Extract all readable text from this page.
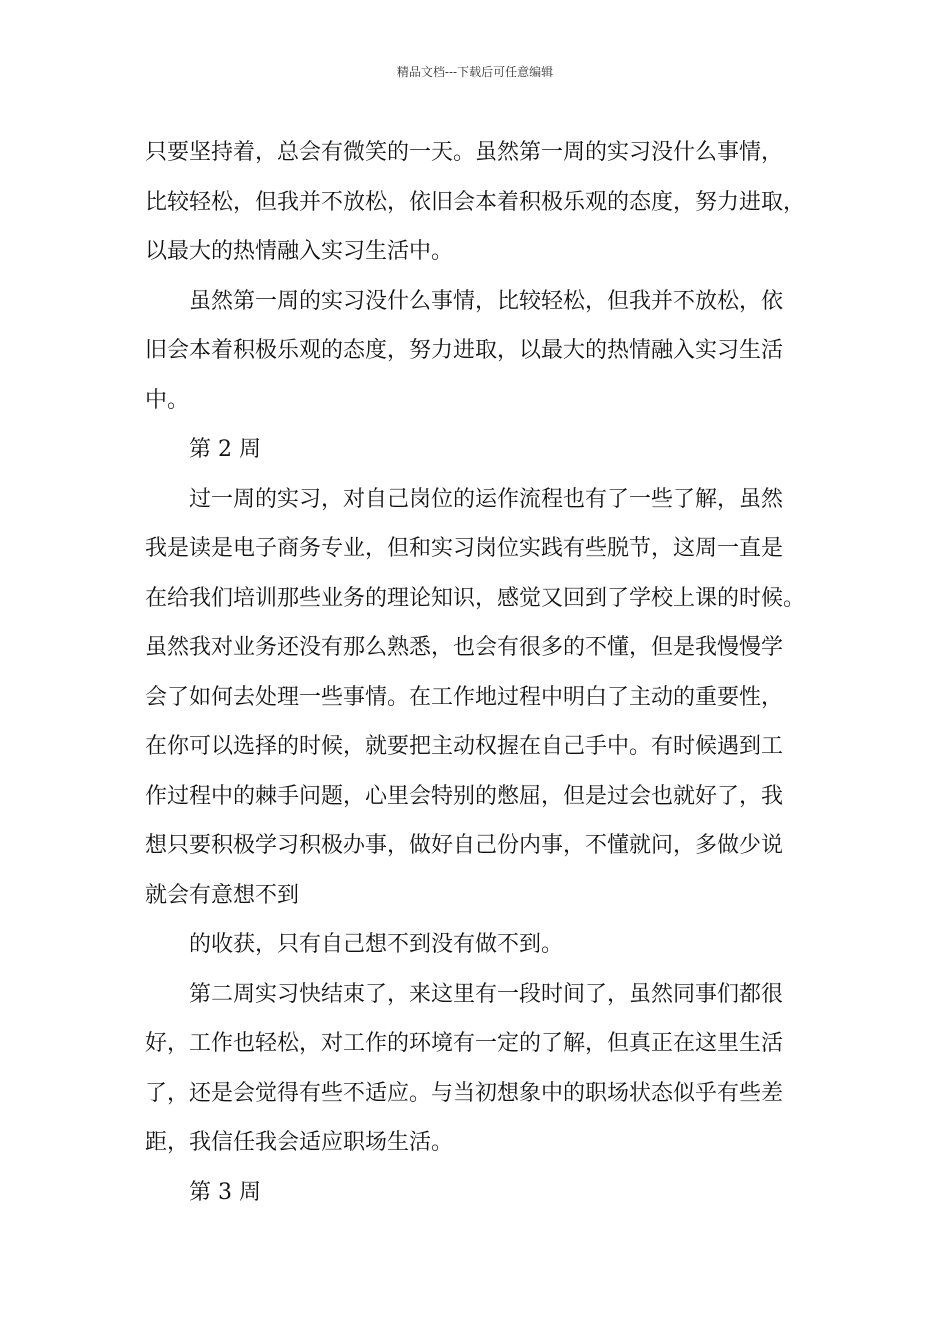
精品文档---下载后可任意编辑
只要坚持着，总会有微笑的一天。虽然第一周的实习没什么事情，
比较轻松，但我并不放松，依旧会本着积极乐观的态度，努力进取，
以最大的热情融入实习生活中。
虽然第一周的实习没什么事情，比较轻松，但我并不放松，依
旧会本着积极乐观的态度，努力进取，以最大的热情融入实习生活
中。
第 2 周
过一周的实习，对自己岗位的运作流程也有了一些了解，虽然
我是读是电子商务专业，但和实习岗位实践有些脱节，这周一直是
在给我们培训那些业务的理论知识，感觉又回到了学校上课的时候。
虽然我对业务还没有那么熟悉，也会有很多的不懂，但是我慢慢学
会了如何去处理一些事情。在工作地过程中明白了主动的重要性，
在你可以选择的时候，就要把主动权握在自己手中。有时候遇到工
作过程中的棘手问题，心里会特别的憋屈，但是过会也就好了，我
想只要积极学习积极办事，做好自己份内事，不懂就问，多做少说
就会有意想不到
的收获，只有自己想不到没有做不到。
第二周实习快结束了，来这里有一段时间了，虽然同事们都很
好，工作也轻松，对工作的环境有一定的了解，但真正在这里生活
了，还是会觉得有些不适应。与当初想象中的职场状态似乎有些差
距，我信任我会适应职场生活。
第 3 周
